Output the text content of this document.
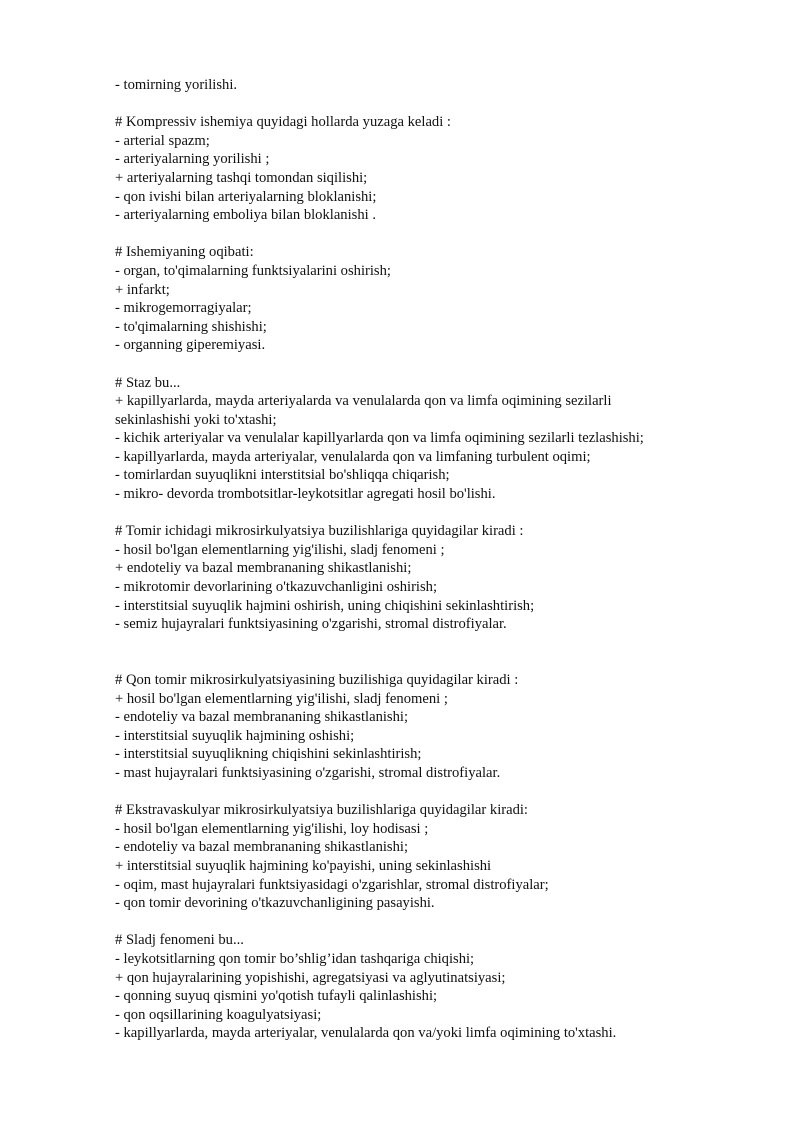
- tomirning yorilishi.
# Kompressiv ishemiya quyidagi hollarda yuzaga keladi :
- arterial spazm;
- arteriyalarning yorilishi ;
+ arteriyalarning tashqi tomondan siqilishi;
- qon ivishi bilan arteriyalarning bloklanishi;
- arteriyalarning emboliya bilan bloklanishi .
# Ishemiyaning oqibati:
- organ, to'qimalarning funktsiyalarini oshirish;
+ infarkt;
- mikrogemorragiyalar;
- to'qimalarning shishishi;
- organning giperemiyasi.
# Staz bu...
+ kapillyarlarda, mayda arteriyalarda va venulalarda qon va limfa oqimining sezilarli sekinlashishi yoki to'xtashi;
- kichik arteriyalar va venulalar kapillyarlarda qon va limfa oqimining sezilarli tezlashishi;
- kapillyarlarda, mayda arteriyalar, venulalarda qon va limfaning turbulent oqimi;
- tomirlardan suyuqlikni interstitsial bo'shliqqa chiqarish;
- mikro- devorda trombotsitlar-leykotsitlar agregati hosil bo'lishi.
# Tomir ichidagi mikrosirkulyatsiya buzilishlariga quyidagilar kiradi :
- hosil bo'lgan elementlarning yig'ilishi, sladj fenomeni ;
+ endoteliy va bazal membrananing shikastlanishi;
- mikrotomir devorlarining o'tkazuvchanligini oshirish;
- interstitsial suyuqlik hajmini oshirish, uning chiqishini sekinlashtirish;
- semiz hujayralari funktsiyasining o'zgarishi, stromal distrofiyalar.
# Qon tomir mikrosirkulyatsiyasining buzilishiga quyidagilar kiradi :
+ hosil bo'lgan elementlarning yig'ilishi, sladj fenomeni ;
- endoteliy va bazal membrananing shikastlanishi;
- interstitsial suyuqlik hajmining oshishi;
- interstitsial suyuqlikning chiqishini sekinlashtirish;
- mast hujayralari funktsiyasining o'zgarishi, stromal distrofiyalar.
# Ekstravaskulyar mikrosirkulyatsiya buzilishlariga quyidagilar kiradi:
- hosil bo'lgan elementlarning yig'ilishi, loy hodisasi ;
- endoteliy va bazal membrananing shikastlanishi;
+ interstitsial suyuqlik hajmining ko'payishi, uning sekinlashishi
- oqim, mast hujayralari funktsiyasidagi o'zgarishlar, stromal distrofiyalar;
- qon tomir devorining o'tkazuvchanligining pasayishi.
# Sladj fenomeni bu...
- leykotsitlarning qon tomir bo’shlig’idan tashqariga chiqishi;
+ qon hujayralarining yopishishi, agregatsiyasi va aglyutinatsiyasi;
- qonning suyuq qismini yo'qotish tufayli qalinlashishi;
- qon oqsillarining koagulyatsiyasi;
- kapillyarlarda, mayda arteriyalar, venulalarda qon va/yoki limfa oqimining to'xtashi.
